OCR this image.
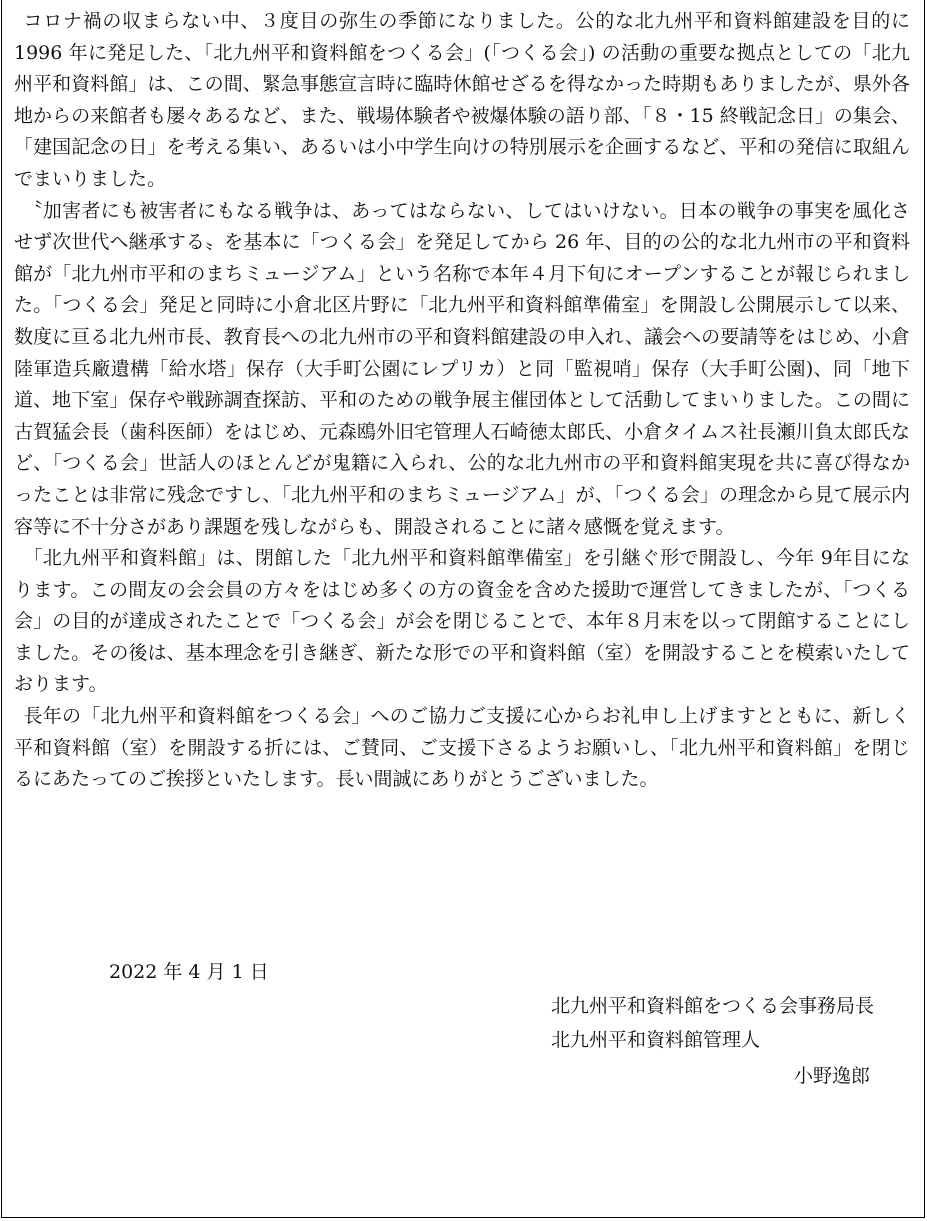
コロナ禍の収まらない中、３度目の弥生の季節になりました。公的な北九州平和資料館建設を目的に 1996 年に発足した、「北九州平和資料館をつくる会」(「つくる会」) の活動の重要な拠点としての「北九州平和資料館」は、この間、緊急事態宣言時に臨時休館せざるを得なかった時期もありましたが、県外各地からの来館者も屡々あるなど、また、戦場体験者や被爆体験の語り部、「８・15 終戦記念日」の集会、「建国記念の日」を考える集い、あるいは小中学生向けの特別展示を企画するなど、平和の発信に取組んでまいりました。

〝加害者にも被害者にもなる戦争は、あってはならない、してはいけない。日本の戦争の事実を風化させず次世代へ継承する〟を基本に「つくる会」を発足してから 26 年、目的の公的な北九州市の平和資料館が「北九州市平和のまちミュージアム」という名称で本年４月下旬にオープンすることが報じられました。「つくる会」発足と同時に小倉北区片野に「北九州平和資料館準備室」を開設し公開展示して以来、数度に亘る北九州市長、教育長への北九州市の平和資料館建設の申入れ、議会への要請等をはじめ、小倉陸軍造兵廠遺構「給水塔」保存（大手町公園にレプリカ）と同「監視哨」保存（大手町公園)、同「地下道、地下室」保存や戦跡調査探訪、平和のための戦争展主催団体として活動してまいりました。この間に古賀猛会長（歯科医師）をはじめ、元森鴎外旧宅管理人石崎徳太郎氏、小倉タイムス社長瀬川負太郎氏など、「つくる会」世話人のほとんどが鬼籍に入られ、公的な北九州市の平和資料館実現を共に喜び得なかったことは非常に残念ですし、「北九州平和のまちミュージアム」が、「つくる会」の理念から見て展示内容等に不十分さがあり課題を残しながらも、開設されることに諸々感慨を覚えます。

「北九州平和資料館」は、閉館した「北九州平和資料館準備室」を引継ぐ形で開設し、今年 9年目になります。この間友の会会員の方々をはじめ多くの方の資金を含めた援助で運営してきましたが、「つくる会」の目的が達成されたことで「つくる会」が会を閉じることで、本年８月末を以って閉館することにしました。その後は、基本理念を引き継ぎ、新たな形での平和資料館（室）を開設することを模索いたしております。

長年の「北九州平和資料館をつくる会」へのご協力ご支援に心からお礼申し上げますとともに、新しく平和資料館（室）を開設する折には、ご賛同、ご支援下さるようお願いし、「北九州平和資料館」を閉じるにあたってのご挨拶といたします。長い間誠にありがとうございました。

2022 年 4 月 1 日
北九州平和資料館をつくる会事務局長
北九州平和資料館管理人
小野逸郎
